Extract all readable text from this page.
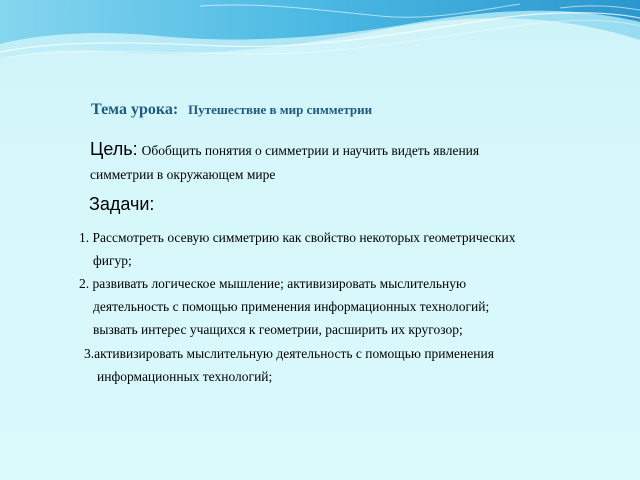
Тема урока: Путешествие в мир симметрии
Цель: Обобщить понятия о симметрии и научить видеть явления
симметрии в окружающем мире
Задачи:
1. Рассмотреть осевую симметрию как свойство некоторых геометрических
фигур;
2. развивать логическое мышление; активизировать мыслительную
деятельность с помощью применения информационных технологий;
вызвать интерес учащихся к геометрии, расширить их кругозор;
3.активизировать мыслительную деятельность с помощью применения
информационных технологий;
